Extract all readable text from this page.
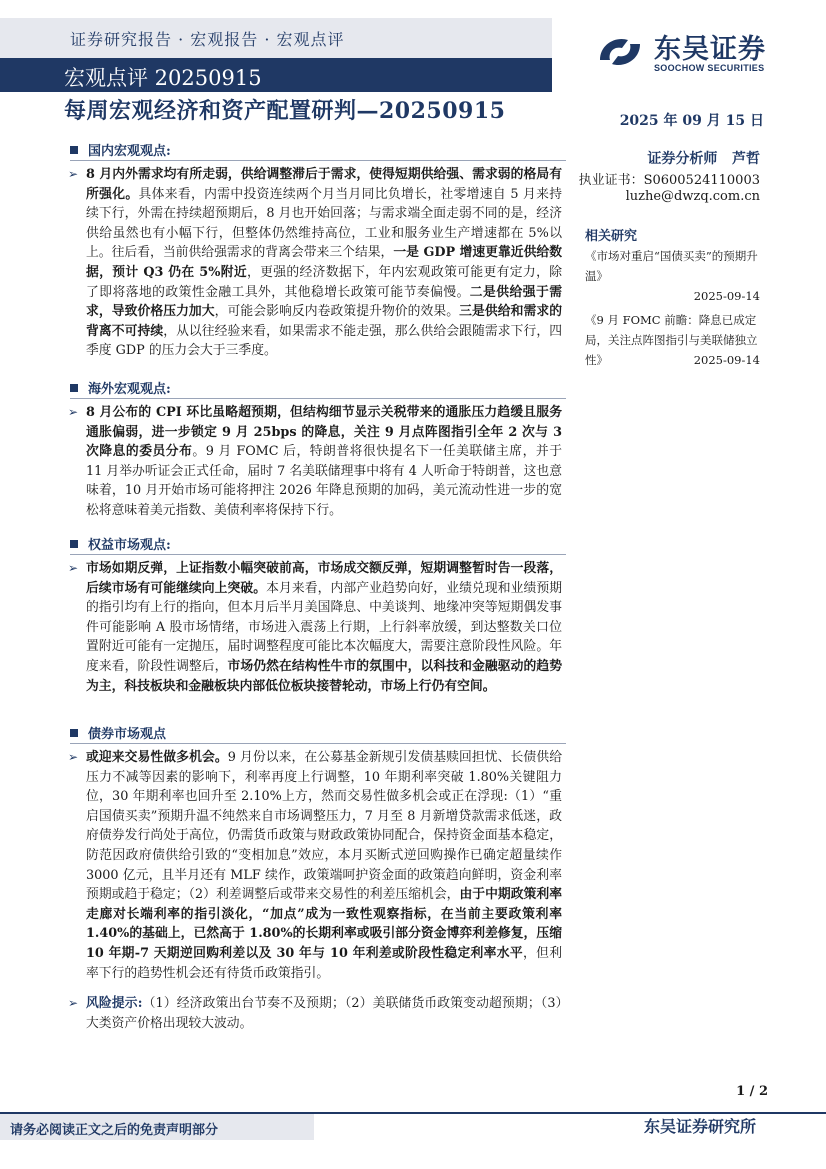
证券研究报告 · 宏观报告 · 宏观点评
宏观点评 20250915
每周宏观经济和资产配置研判—20250915
东吴证券
SOOCHOW SECURITIES
2025 年 09 月 15 日
证券分析师 芦哲
执业证书：S0600524110003
luzhe@dwzq.com.cn
相关研究
《市场对重启“国债买卖”的预期升温》
2025-09-14
《9 月 FOMC 前瞻：降息已成定局，关注点阵图指引与美联储独立性》	2025-09-14
国内宏观观点:
➢ 8 月内外需求均有所走弱，供给调整滞后于需求，使得短期供给强、需求弱的格局有所强化。具体来看，内需中投资连续两个月当月同比负增长，社零增速自 5 月来持续下行，外需在持续超预期后，8 月也开始回落；与需求端全面走弱不同的是，经济供给虽然也有小幅下行，但整体仍然维持高位，工业和服务业生产增速都在 5%以上。往后看，当前供给强需求的背离会带来三个结果，一是 GDP 增速更靠近供给数据，预计 Q3 仍在 5%附近，更强的经济数据下，年内宏观政策可能更有定力，除了即将落地的政策性金融工具外，其他稳增长政策可能节奏偏慢。二是供给强于需求，导致价格压力加大，可能会影响反内卷政策提升物价的效果。三是供给和需求的背离不可持续，从以往经验来看，如果需求不能走强，那么供给会跟随需求下行，四季度 GDP 的压力会大于三季度。
海外宏观观点:
➢ 8 月公布的 CPI 环比虽略超预期，但结构细节显示关税带来的通胀压力趋缓且服务通胀偏弱，进一步锁定 9 月 25bps 的降息，关注 9 月点阵图指引全年 2 次与 3 次降息的委员分布。9 月 FOMC 后，特朗普将很快提名下一任美联储主席，并于 11 月举办听证会正式任命，届时 7 名美联储理事中将有 4 人听命于特朗普，这也意味着，10 月开始市场可能将押注 2026 年降息预期的加码，美元流动性进一步的宽松将意味着美元指数、美债利率将保持下行。
权益市场观点:
➢ 市场如期反弹，上证指数小幅突破前高，市场成交额反弹，短期调整暂时告一段落，后续市场有可能继续向上突破。本月来看，内部产业趋势向好，业绩兑现和业绩预期的指引均有上行的指向，但本月后半月美国降息、中美谈判、地缘冲突等短期偶发事件可能影响 A 股市场情绪，市场进入震荡上行期，上行斜率放缓，到达整数关口位置附近可能有一定抛压，届时调整程度可能比本次幅度大，需要注意阶段性风险。年度来看，阶段性调整后，市场仍然在结构性牛市的氛围中，以科技和金融驱动的趋势为主，科技板块和金融板块内部低位板块接替轮动，市场上行仍有空间。
债券市场观点
➢ 或迎来交易性做多机会。9 月份以来，在公募基金新规引发债基赎回担忧、长债供给压力不减等因素的影响下，利率再度上行调整，10 年期利率突破 1.80%关键阻力位，30 年期利率也回升至 2.10%上方，然而交易性做多机会或正在浮现:（1）“重启国债买卖”预期升温不纯然来自市场调整压力，7 月至 8 月新增贷款需求低迷，政府债券发行尚处于高位，仍需货币政策与财政政策协同配合，保持资金面基本稳定，防范因政府债供给引致的“变相加息”效应，本月买断式逆回购操作已确定超量续作 3000 亿元，且半月还有 MLF 续作，政策端呵护资金面的政策趋向鲜明，资金利率预期或趋于稳定；（2）利差调整后或带来交易性的利差压缩机会，由于中期政策利率走廊对长端利率的指引淡化，“加点”成为一致性观察指标，在当前主要政策利率 1.40%的基础上，已然高于 1.80%的长期利率或吸引部分资金博弈利差修复，压缩 10 年期-7 天期逆回购利差以及 30 年与 10 年利差或阶段性稳定利率水平，但利率下行的趋势性机会还有待货币政策指引。
➢ 风险提示:（1）经济政策出台节奏不及预期；（2）美联储货币政策变动超预期；（3）大类资产价格出现较大波动。
1 / 2
请务必阅读正文之后的免责声明部分	东吴证券研究所
